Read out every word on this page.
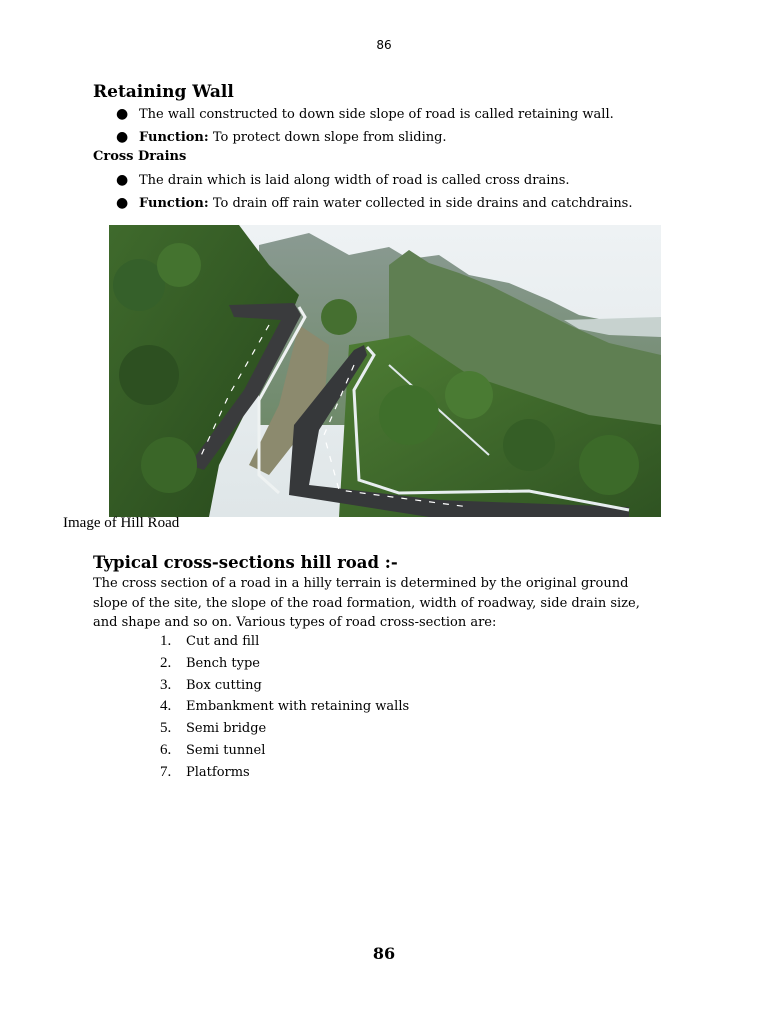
86
Retaining Wall
● The wall constructed to down side slope of road is called retaining wall.
● Function: To protect down slope from sliding.
Cross Drains
● The drain which is laid along width of road is called cross drains.
● Function: To drain off rain water collected in side drains and catchdrains.
Image of Hill Road
Typical cross-sections hill road :-
The cross section of a road in a hilly terrain is determined by the original ground slope of the site, the slope of the road formation, width of roadway, side drain size, and shape and so on. Various types of road cross-section are:
1. Cut and fill
2. Bench type
3. Box cutting
4. Embankment with retaining walls
5. Semi bridge
6. Semi tunnel
7. Platforms
86
